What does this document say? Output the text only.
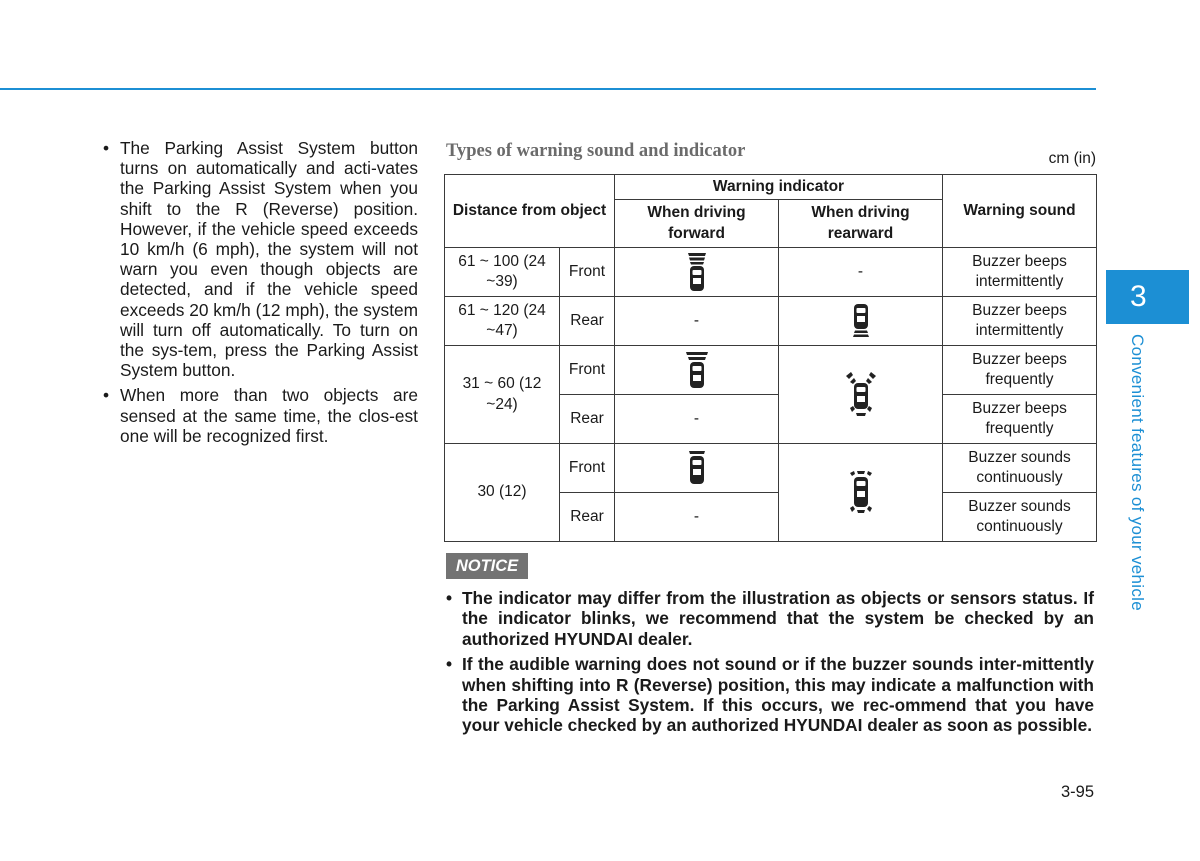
• The Parking Assist System button turns on automatically and acti-vates the Parking Assist System when you shift to the R (Reverse) position. However, if the vehicle speed exceeds 10 km/h (6 mph), the system will not warn you even though objects are detected, and if the vehicle speed exceeds 20 km/h (12 mph), the system will turn off automatically. To turn on the sys-tem, press the Parking Assist System button.
• When more than two objects are sensed at the same time, the clos-est one will be recognized first.
Types of warning sound and indicator	cm (in)
Distance from object		Warning indicator		Warning sound
		When driving forward	When driving rearward	
61 ~ 100 (24 ~39)	Front		-	Buzzer beeps intermittently
61 ~ 120 (24 ~47)	Rear	-		Buzzer beeps intermittently
31 ~ 60 (12 ~24)	Front			Buzzer beeps frequently
	Rear	-		Buzzer beeps frequently
30 (12)	Front			Buzzer sounds continuously
	Rear	-		Buzzer sounds continuously
NOTICE
• The indicator may differ from the illustration as objects or sensors status. If the indicator blinks, we recommend that the system be checked by an authorized HYUNDAI dealer.
• If the audible warning does not sound or if the buzzer sounds inter-mittently when shifting into R (Reverse) position, this may indicate a malfunction with the Parking Assist System. If this occurs, we rec-ommend that you have your vehicle checked by an authorized HYUNDAI dealer as soon as possible.
3
Convenient features of your vehicle
3-95
